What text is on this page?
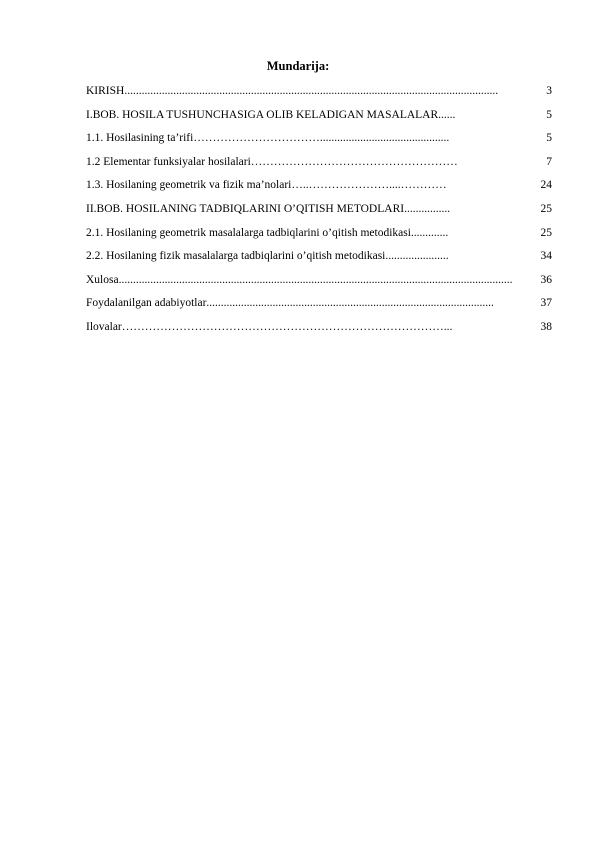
Mundarija:
KIRISH ..................................................................................................................................	3
I.BOB. HOSILA TUSHUNCHASIGA OLIB KELADIGAN MASALALAR ......	5
1.1. Hosilasining ta’rifi …………………………….............................................	5
1.2 Elementar funksiyalar hosilalari ………………………………………………	7
1.3. Hosilaning geometrik va fizik ma’nolari …..…………………....…………	24
II.BOB. HOSILANING TADBIQLARINI O’QITISH METODLARI ................	25
2.1. Hosilaning geometrik masalalarga tadbiqlarini o’qitish metodikasi .............	25
2.2. Hosilaning fizik masalalarga tadbiqlarini o’qitish metodikasi ......................	34
Xulosa .........................................................................................................................................	36
Foydalanilgan adabiyotlar ....................................................................................................	37
Ilovalar …………………………………………………………………………...	38
